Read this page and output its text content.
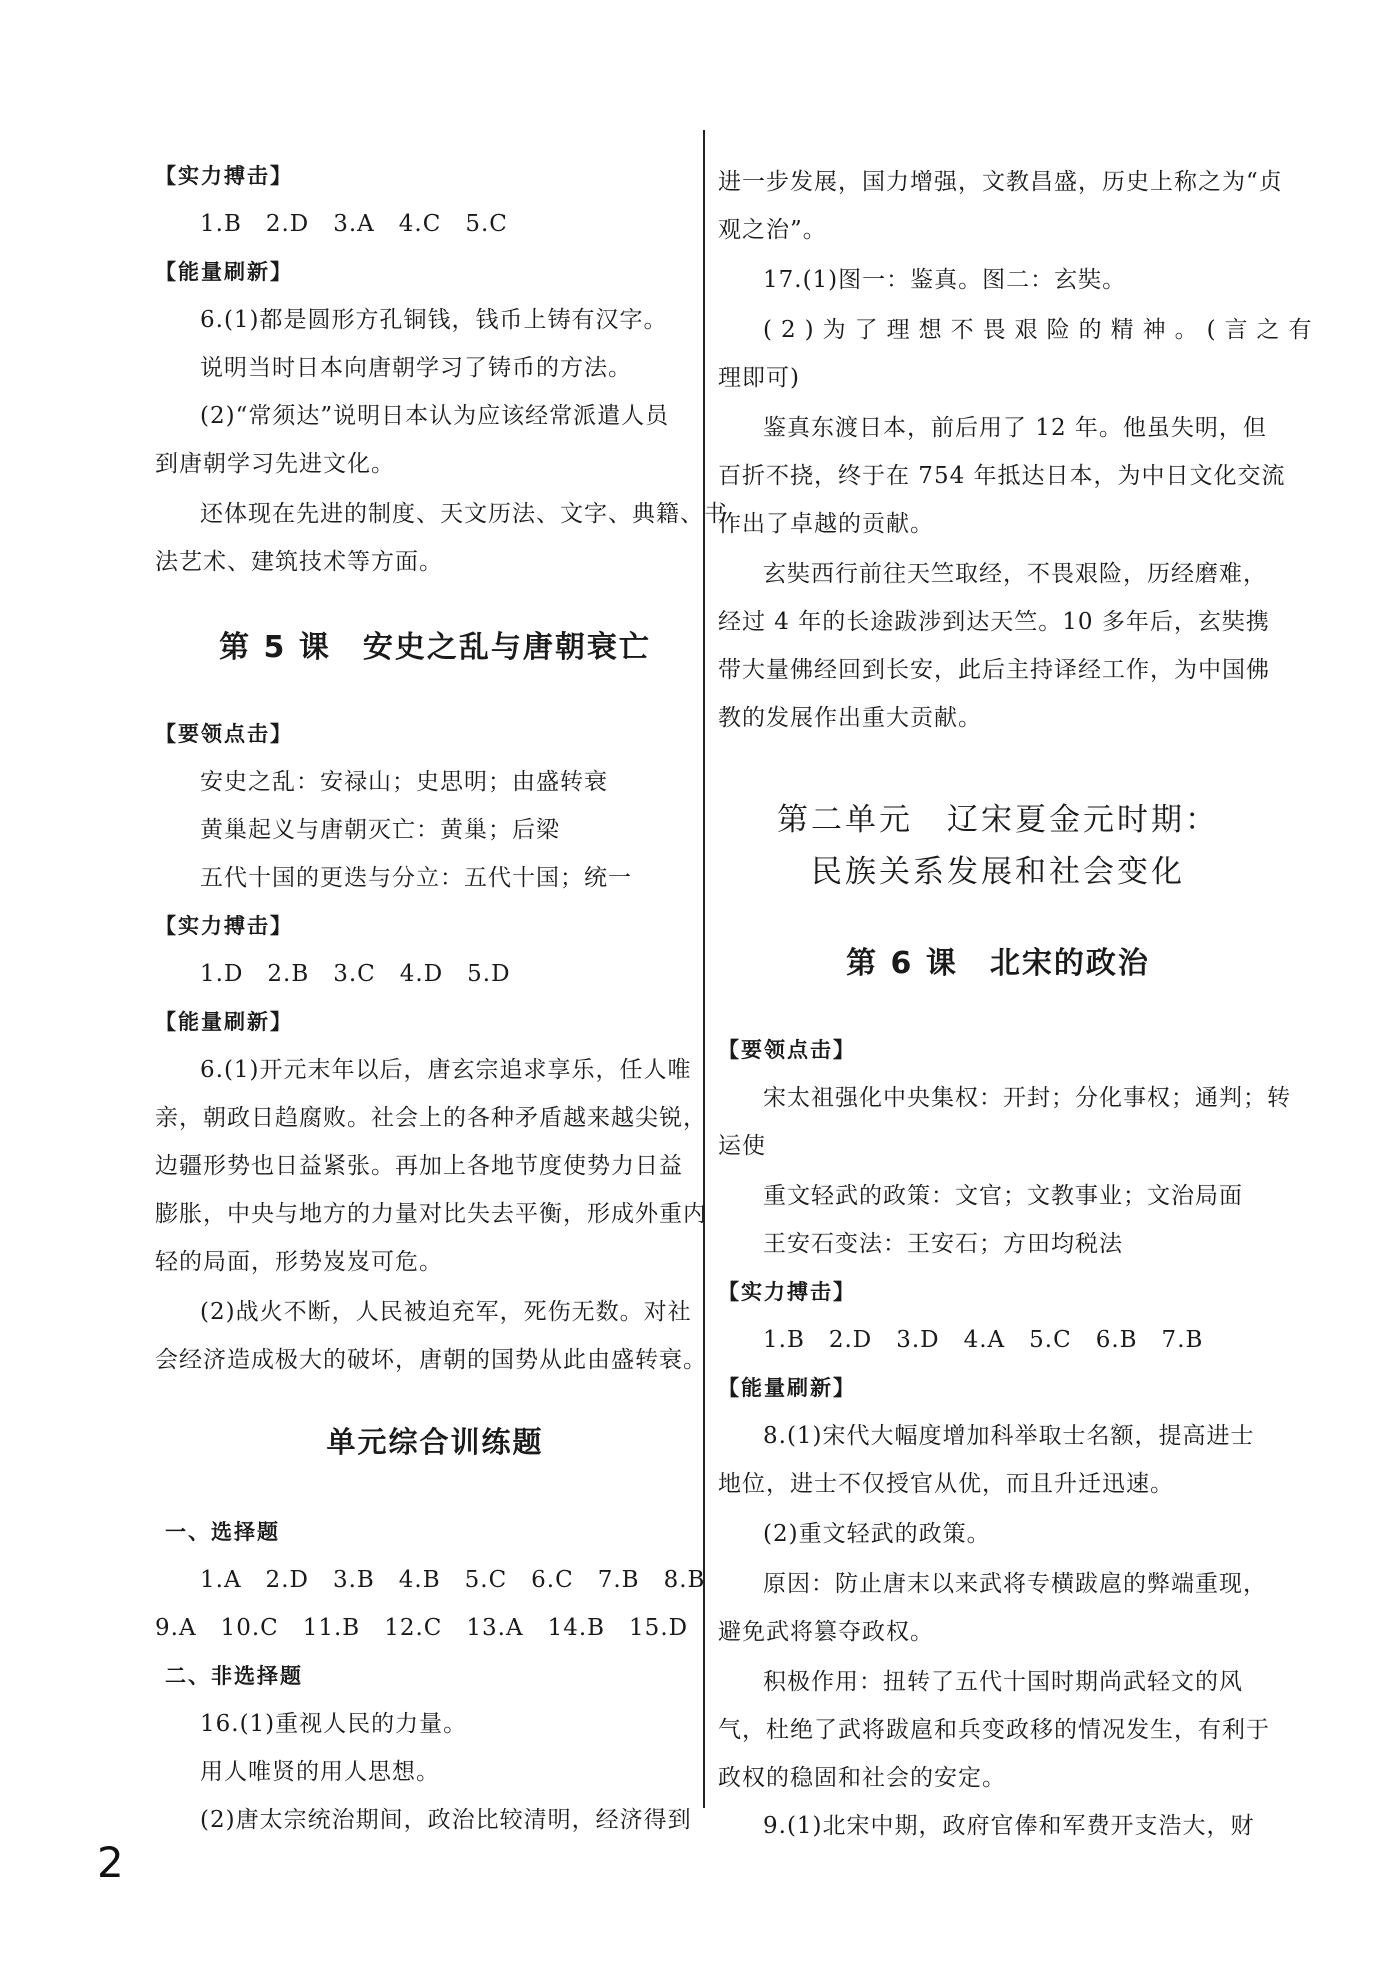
【实力搏击】
1.B　2.D　3.A　4.C　5.C
【能量刷新】
6.(1)都是圆形方孔铜钱，钱币上铸有汉字。
说明当时日本向唐朝学习了铸币的方法。
(2)“常须达”说明日本认为应该经常派遣人员
到唐朝学习先进文化。
还体现在先进的制度、天文历法、文字、典籍、书
法艺术、建筑技术等方面。
第 5 课　安史之乱与唐朝衰亡
【要领点击】
安史之乱：安禄山；史思明；由盛转衰
黄巢起义与唐朝灭亡：黄巢；后梁
五代十国的更迭与分立：五代十国；统一
【实力搏击】
1.D　2.B　3.C　4.D　5.D
【能量刷新】
6.(1)开元末年以后，唐玄宗追求享乐，任人唯
亲，朝政日趋腐败。社会上的各种矛盾越来越尖锐，
边疆形势也日益紧张。再加上各地节度使势力日益
膨胀，中央与地方的力量对比失去平衡，形成外重内
轻的局面，形势岌岌可危。
(2)战火不断，人民被迫充军，死伤无数。对社
会经济造成极大的破坏，唐朝的国势从此由盛转衰。
单元综合训练题
一、选择题
1.A　2.D　3.B　4.B　5.C　6.C　7.B　8.B
9.A　10.C　11.B　12.C　13.A　14.B　15.D
二、非选择题
16.(1)重视人民的力量。
用人唯贤的用人思想。
(2)唐太宗统治期间，政治比较清明，经济得到
进一步发展，国力增强，文教昌盛，历史上称之为“贞
观之治”。
17.(1)图一：鉴真。图二：玄奘。
(2)为了理想不畏艰险的精神。(言之有
理即可)
鉴真东渡日本，前后用了 12 年。他虽失明，但
百折不挠，终于在 754 年抵达日本，为中日文化交流
作出了卓越的贡献。
玄奘西行前往天竺取经，不畏艰险，历经磨难，
经过 4 年的长途跋涉到达天竺。10 多年后，玄奘携
带大量佛经回到长安，此后主持译经工作，为中国佛
教的发展作出重大贡献。
第二单元　辽宋夏金元时期：
民族关系发展和社会变化
第 6 课　北宋的政治
【要领点击】
宋太祖强化中央集权：开封；分化事权；通判；转
运使
重文轻武的政策：文官；文教事业；文治局面
王安石变法：王安石；方田均税法
【实力搏击】
1.B　2.D　3.D　4.A　5.C　6.B　7.B
【能量刷新】
8.(1)宋代大幅度增加科举取士名额，提高进士
地位，进士不仅授官从优，而且升迁迅速。
(2)重文轻武的政策。
原因：防止唐末以来武将专横跋扈的弊端重现，
避免武将篡夺政权。
积极作用：扭转了五代十国时期尚武轻文的风
气，杜绝了武将跋扈和兵变政移的情况发生，有利于
政权的稳固和社会的安定。
9.(1)北宋中期，政府官俸和军费开支浩大，财
2
